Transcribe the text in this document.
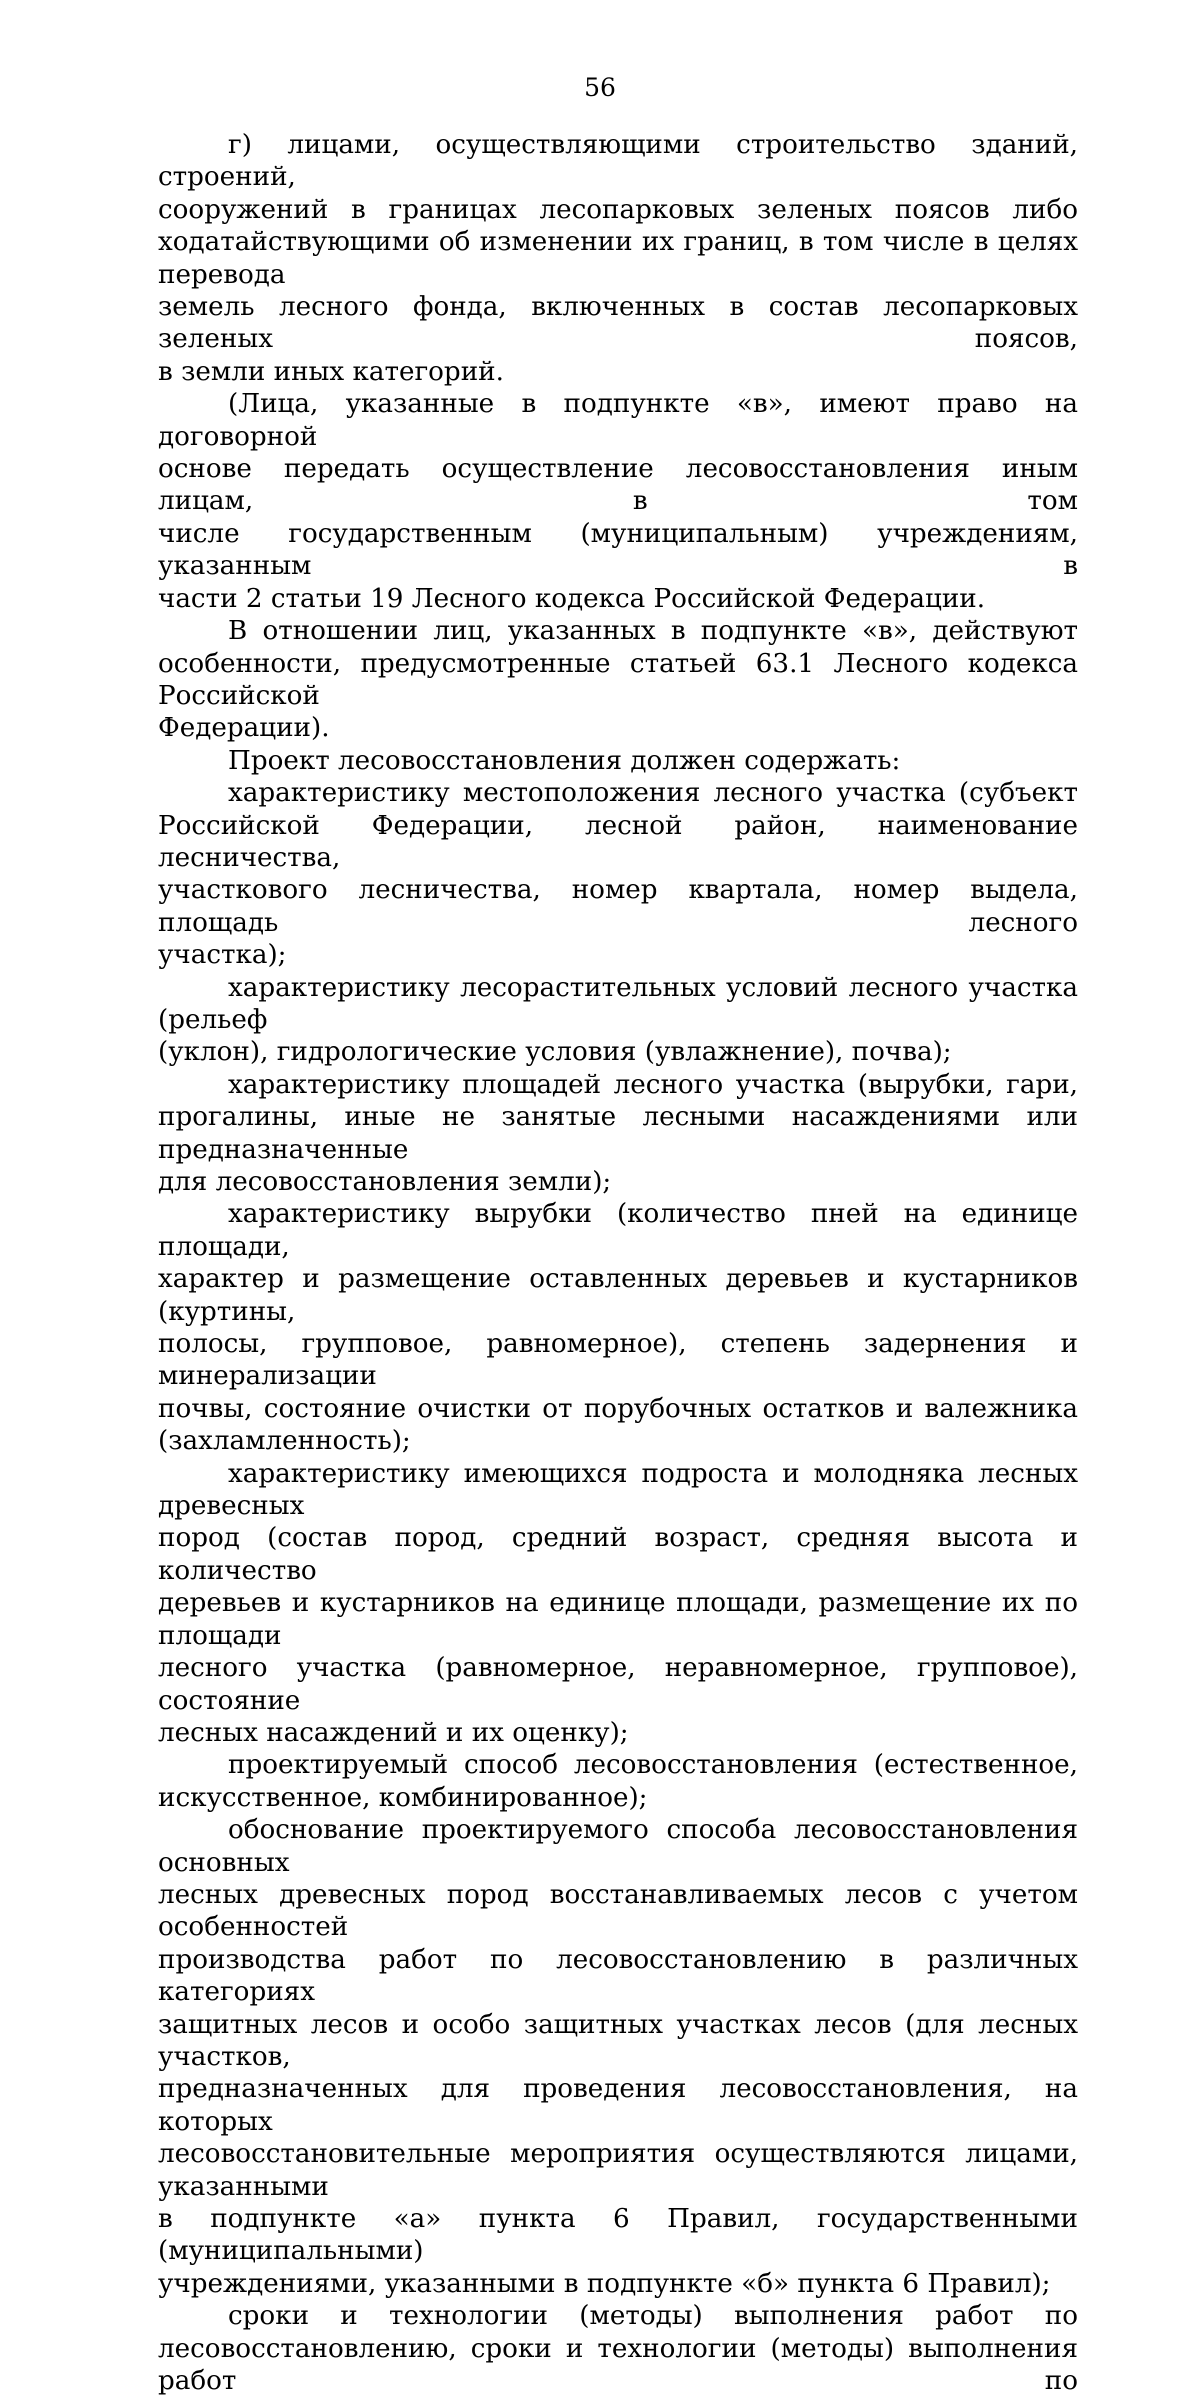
56
г) лицами, осуществляющими строительство зданий, строений,
сооружений в границах лесопарковых зеленых поясов либо
ходатайствующими об изменении их границ, в том числе в целях перевода
земель лесного фонда, включенных в состав лесопарковых зеленых поясов,
в земли иных категорий.
(Лица, указанные в подпункте «в», имеют право на договорной
основе передать осуществление лесовосстановления иным лицам, в том
числе государственным (муниципальным) учреждениям, указанным в
части 2 статьи 19 Лесного кодекса Российской Федерации.
В отношении лиц, указанных в подпункте «в», действуют
особенности, предусмотренные статьей 63.1 Лесного кодекса Российской
Федерации).
Проект лесовосстановления должен содержать:
характеристику местоположения лесного участка (субъект
Российской Федерации, лесной район, наименование лесничества,
участкового лесничества, номер квартала, номер выдела, площадь лесного
участка);
характеристику лесорастительных условий лесного участка (рельеф
(уклон), гидрологические условия (увлажнение), почва);
характеристику площадей лесного участка (вырубки, гари,
прогалины, иные не занятые лесными насаждениями или предназначенные
для лесовосстановления земли);
характеристику вырубки (количество пней на единице площади,
характер и размещение оставленных деревьев и кустарников (куртины,
полосы, групповое, равномерное), степень задернения и минерализации
почвы, состояние очистки от порубочных остатков и валежника
(захламленность);
характеристику имеющихся подроста и молодняка лесных древесных
пород (состав пород, средний возраст, средняя высота и количество
деревьев и кустарников на единице площади, размещение их по площади
лесного участка (равномерное, неравномерное, групповое), состояние
лесных насаждений и их оценку);
проектируемый способ лесовосстановления (естественное,
искусственное, комбинированное);
обоснование проектируемого способа лесовосстановления основных
лесных древесных пород восстанавливаемых лесов с учетом особенностей
производства работ по лесовосстановлению в различных категориях
защитных лесов и особо защитных участках лесов (для лесных участков,
предназначенных для проведения лесовосстановления, на которых
лесовосстановительные мероприятия осуществляются лицами, указанными
в подпункте «а» пункта 6 Правил, государственными (муниципальными)
учреждениями, указанными в подпункте «б» пункта 6 Правил);
сроки и технологии (методы) выполнения работ по
лесовосстановлению, сроки и технологии (методы) выполнения работ по
